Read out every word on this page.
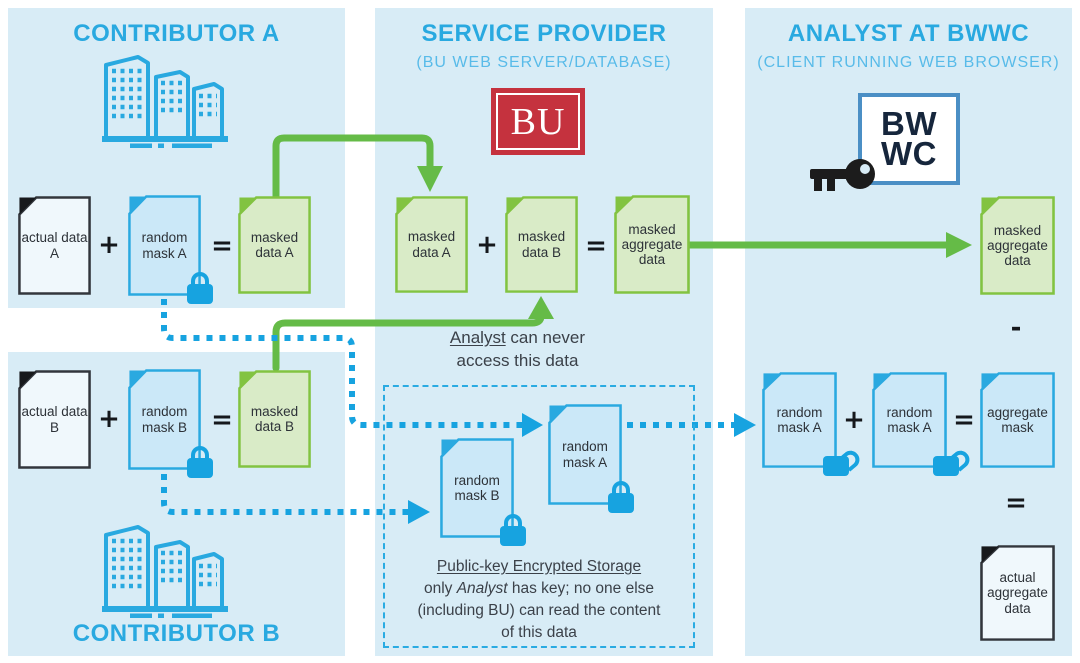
CONTRIBUTOR A	SERVICE PROVIDER
(BU WEB SERVER/DATABASE)
ANALYST AT BWWC
(CLIENT RUNNING WEB BROWSER)
CONTRIBUTOR B
BU	BW
WC
actual data A	+	random mask A =	masked data A
actual data B	+	random mask B =	masked data B
masked data A +	masked data B =
masked aggregate data
random mask B
random mask A
masked aggregate data
-
random mask A +	random mask A = aggregate mask
=
actual aggregate data
Analyst can never
access this data
Public-key Encrypted Storage
only Analyst has key; no one else
(including BU) can read the content
of this data
